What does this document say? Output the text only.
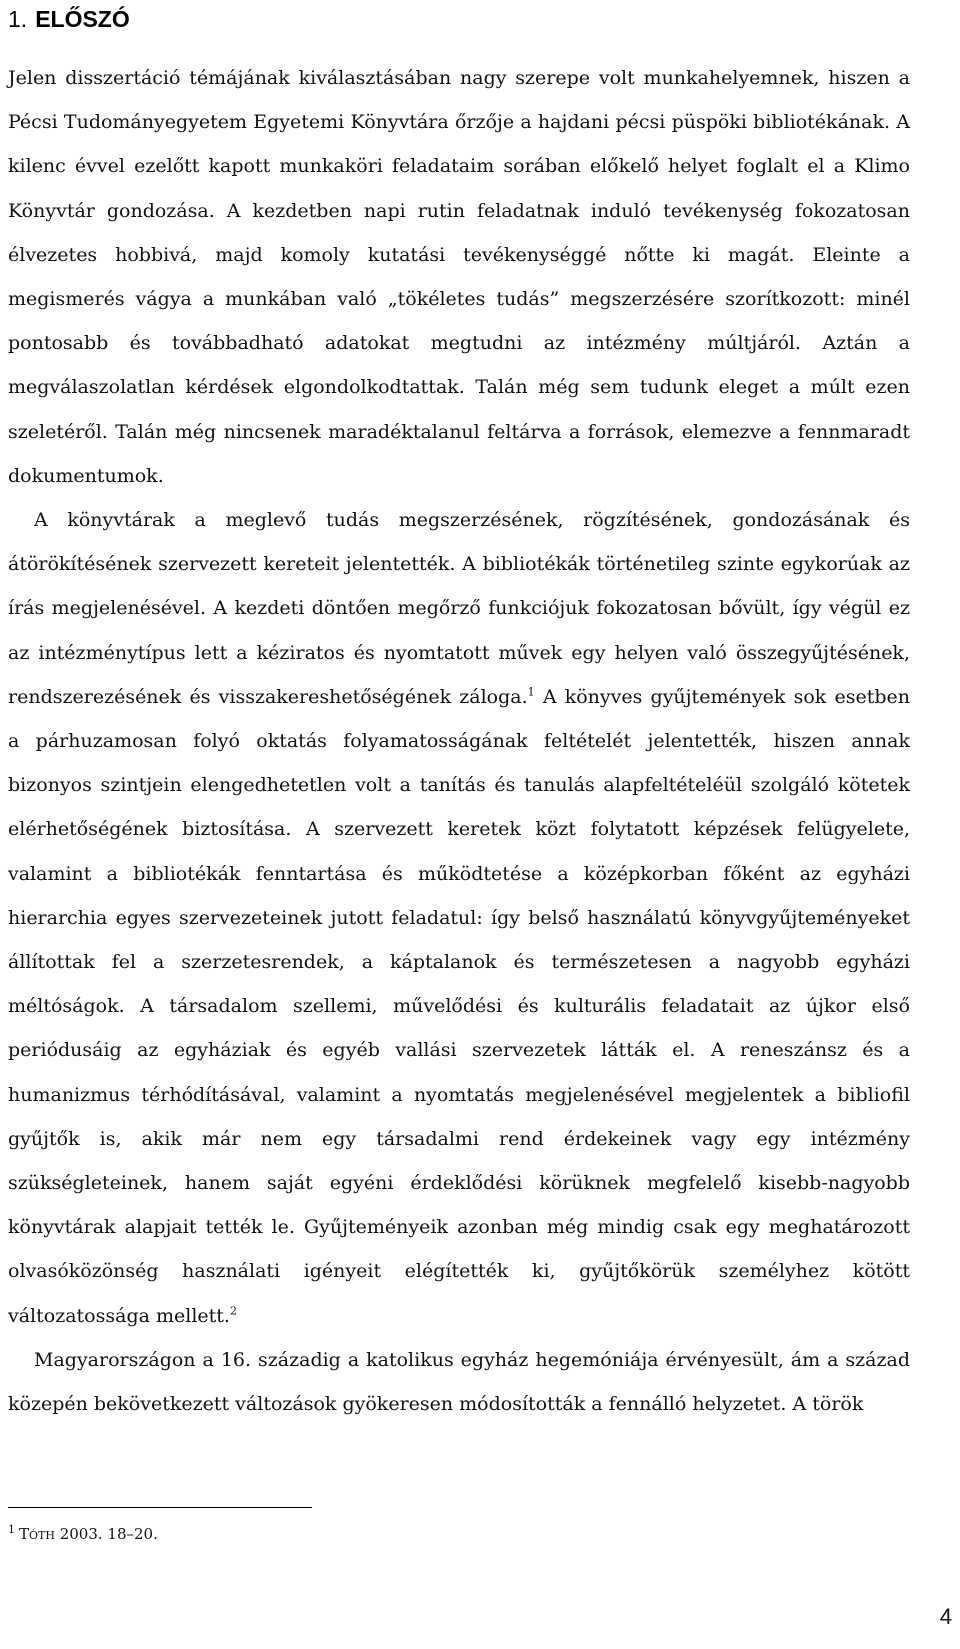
1. ELŐSZÓ

Jelen disszertáció témájának kiválasztásában nagy szerepe volt munkahelyemnek, hiszen a Pécsi Tudományegyetem Egyetemi Könyvtára őrzője a hajdani pécsi püspöki bibliotékának. A kilenc évvel ezelőtt kapott munkaköri feladataim sorában előkelő helyet foglalt el a Klimo Könyvtár gondozása. A kezdetben napi rutin feladatnak induló tevékenység fokozatosan élvezetes hobbivá, majd komoly kutatási tevékenységgé nőtte ki magát. Eleinte a megismerés vágya a munkában való „tökéletes tudás” megszerzésére szorítkozott: minél pontosabb és továbbadható adatokat megtudni az intézmény múltjáról. Aztán a megválaszolatlan kérdések elgondolkodtattak. Talán még sem tudunk eleget a múlt ezen szeletéről. Talán még nincsenek maradéktalanul feltárva a források, elemezve a fennmaradt dokumentumok.

A könyvtárak a meglevő tudás megszerzésének, rögzítésének, gondozásának és átörökítésének szervezett kereteit jelentették. A bibliotékák történetileg szinte egykorúak az írás megjelenésével. A kezdeti döntően megőrző funkciójuk fokozatosan bővült, így végül ez az intézménytípus lett a kéziratos és nyomtatott művek egy helyen való összegyűjtésének, rendszerezésének és visszakereshetőségének záloga.$^1$ A könyves gyűjtemények sok esetben a párhuzamosan folyó oktatás folyamatosságának feltételét jelentették, hiszen annak bizonyos szintjein elengedhetetlen volt a tanítás és tanulás alapfeltételéül szolgáló kötetek elérhetőségének biztosítása. A szervezett keretek közt folytatott képzések felügyelete, valamint a bibliotékák fenntartása és működtetése a középkorban főként az egyházi hierarchia egyes szervezeteinek jutott feladatul: így belső használatú könyvgyűjteményeket állítottak fel a szerzetesrendek, a káptalanok és természetesen a nagyobb egyházi méltóságok. A társadalom szellemi, művelődési és kulturális feladatait az újkor első periódusáig az egyháziak és egyéb vallási szervezetek látták el. A reneszánsz és a humanizmus térhódításával, valamint a nyomtatás megjelenésével megjelentek a bibliofil gyűjtők is, akik már nem egy társadalmi rend érdekeinek vagy egy intézmény szükségleteinek, hanem saját egyéni érdeklődési körüknek megfelelő kisebb-nagyobb könyvtárak alapjait tették le. Gyűjteményeik azonban még mindig csak egy meghatározott olvasóközönség használati igényeit elégítették ki, gyűjtőkörük személyhez kötött változatossága mellett.$^2$

Magyarországon a 16. századig a katolikus egyház hegemóniája érvényesült, ám a század közepén bekövetkezett változások gyökeresen módosították a fennálló helyzetet. A török

$^1$ Tóth 2003. 18–20.

4
